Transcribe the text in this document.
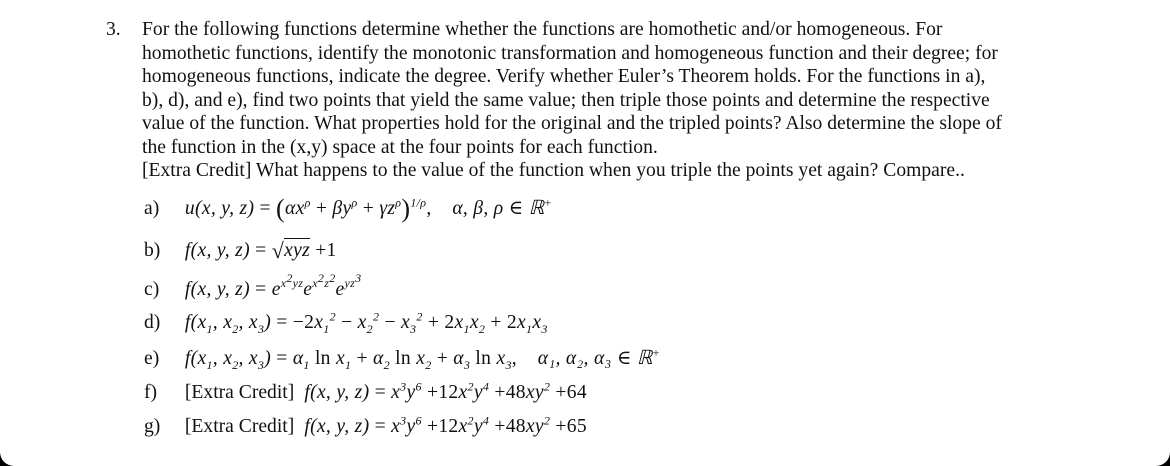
3. For the following functions determine whether the functions are homothetic and/or homogeneous. For
homothetic functions, identify the monotonic transformation and homogeneous function and their degree; for
homogeneous functions, indicate the degree. Verify whether Euler’s Theorem holds. For the functions in a),
b), d), and e), find two points that yield the same value; then triple those points and determine the respective
value of the function. What properties hold for the original and the tripled points? Also determine the slope of
the function in the (x,y) space at the four points for each function.
[Extra Credit] What happens to the value of the function when you triple the points yet again? Compare..
a) u(x, y, $z) = (\alpha x^\rho + \beta y^\rho + \gamma z^\rho)^{1/\rho}$, α, β, ρ ∈ ℝ+
b) f(x, y, z) = √xyz +1
c) f(x, y, $z) = e^{x^2yz}e^{x^2z^2}e^{yz^3}$
d) $f(x_1$, $x_2$, $x_3) = -2x_1^2 - x_2^2 - x_3^2 + 2x_1x_2 + 2x_1x_3$
e) $f(x_1$, $x_2$, $x_3) = \alpha_1$ $\ln x_1 + \alpha_2$ $\ln x_2 + \alpha_3$ $\ln x_3$, α₁, α₂, α₃ ∈ ℝ+
f) [Extra Credit]  f(x, y, $z) = x^3y^6 +12x^2y^4 +48xy^2 +64$
g) [Extra Credit]  f(x, y, $z) = x^3y^6 +12x^2y^4 +48xy^2 +65$
